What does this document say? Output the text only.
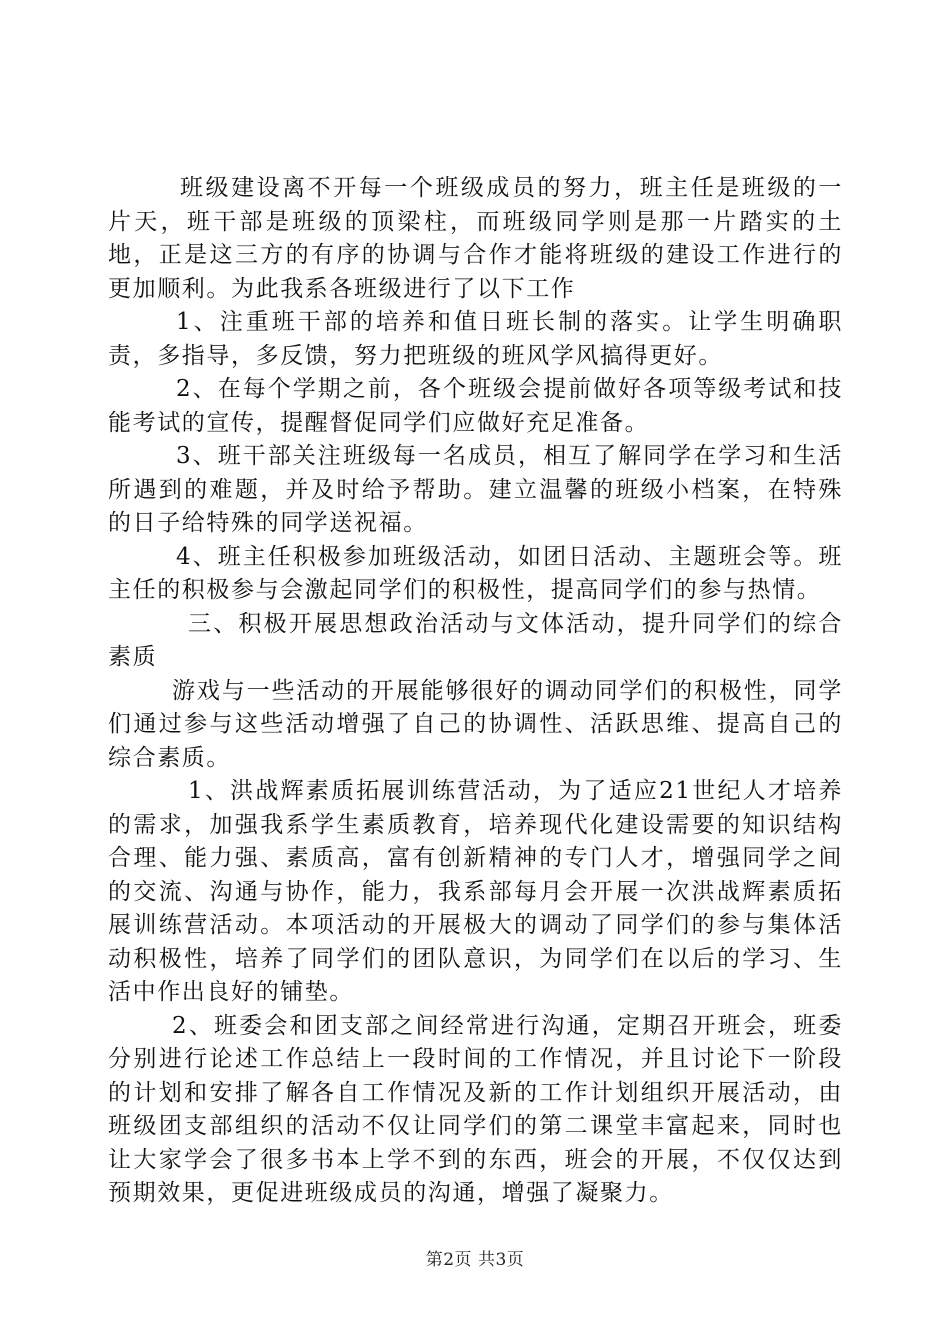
班级建设离不开每一个班级成员的努力，班主任是班级的一片天，班干部是班级的顶梁柱，而班级同学则是那一片踏实的土地，正是这三方的有序的协调与合作才能将班级的建设工作进行的更加顺利。为此我系各班级进行了以下工作

1、注重班干部的培养和值日班长制的落实。让学生明确职责，多指导，多反馈，努力把班级的班风学风搞得更好。

2、在每个学期之前，各个班级会提前做好各项等级考试和技能考试的宣传，提醒督促同学们应做好充足准备。

3、班干部关注班级每一名成员，相互了解同学在学习和生活所遇到的难题，并及时给予帮助。建立温馨的班级小档案，在特殊的日子给特殊的同学送祝福。

4、班主任积极参加班级活动，如团日活动、主题班会等。班主任的积极参与会激起同学们的积极性，提高同学们的参与热情。

三、积极开展思想政治活动与文体活动，提升同学们的综合素质

游戏与一些活动的开展能够很好的调动同学们的积极性，同学们通过参与这些活动增强了自己的协调性、活跃思维、提高自己的综合素质。

1、洪战辉素质拓展训练营活动，为了适应21世纪人才培养的需求，加强我系学生素质教育，培养现代化建设需要的知识结构合理、能力强、素质高，富有创新精神的专门人才，增强同学之间的交流、沟通与协作，能力，我系部每月会开展一次洪战辉素质拓展训练营活动。本项活动的开展极大的调动了同学们的参与集体活动积极性，培养了同学们的团队意识，为同学们在以后的学习、生活中作出良好的铺垫。

2、班委会和团支部之间经常进行沟通，定期召开班会，班委分别进行论述工作总结上一段时间的工作情况，并且讨论下一阶段的计划和安排了解各自工作情况及新的工作计划组织开展活动，由班级团支部组织的活动不仅让同学们的第二课堂丰富起来，同时也让大家学会了很多书本上学不到的东西，班会的开展，不仅仅达到预期效果，更促进班级成员的沟通，增强了凝聚力。

第2页 共3页
